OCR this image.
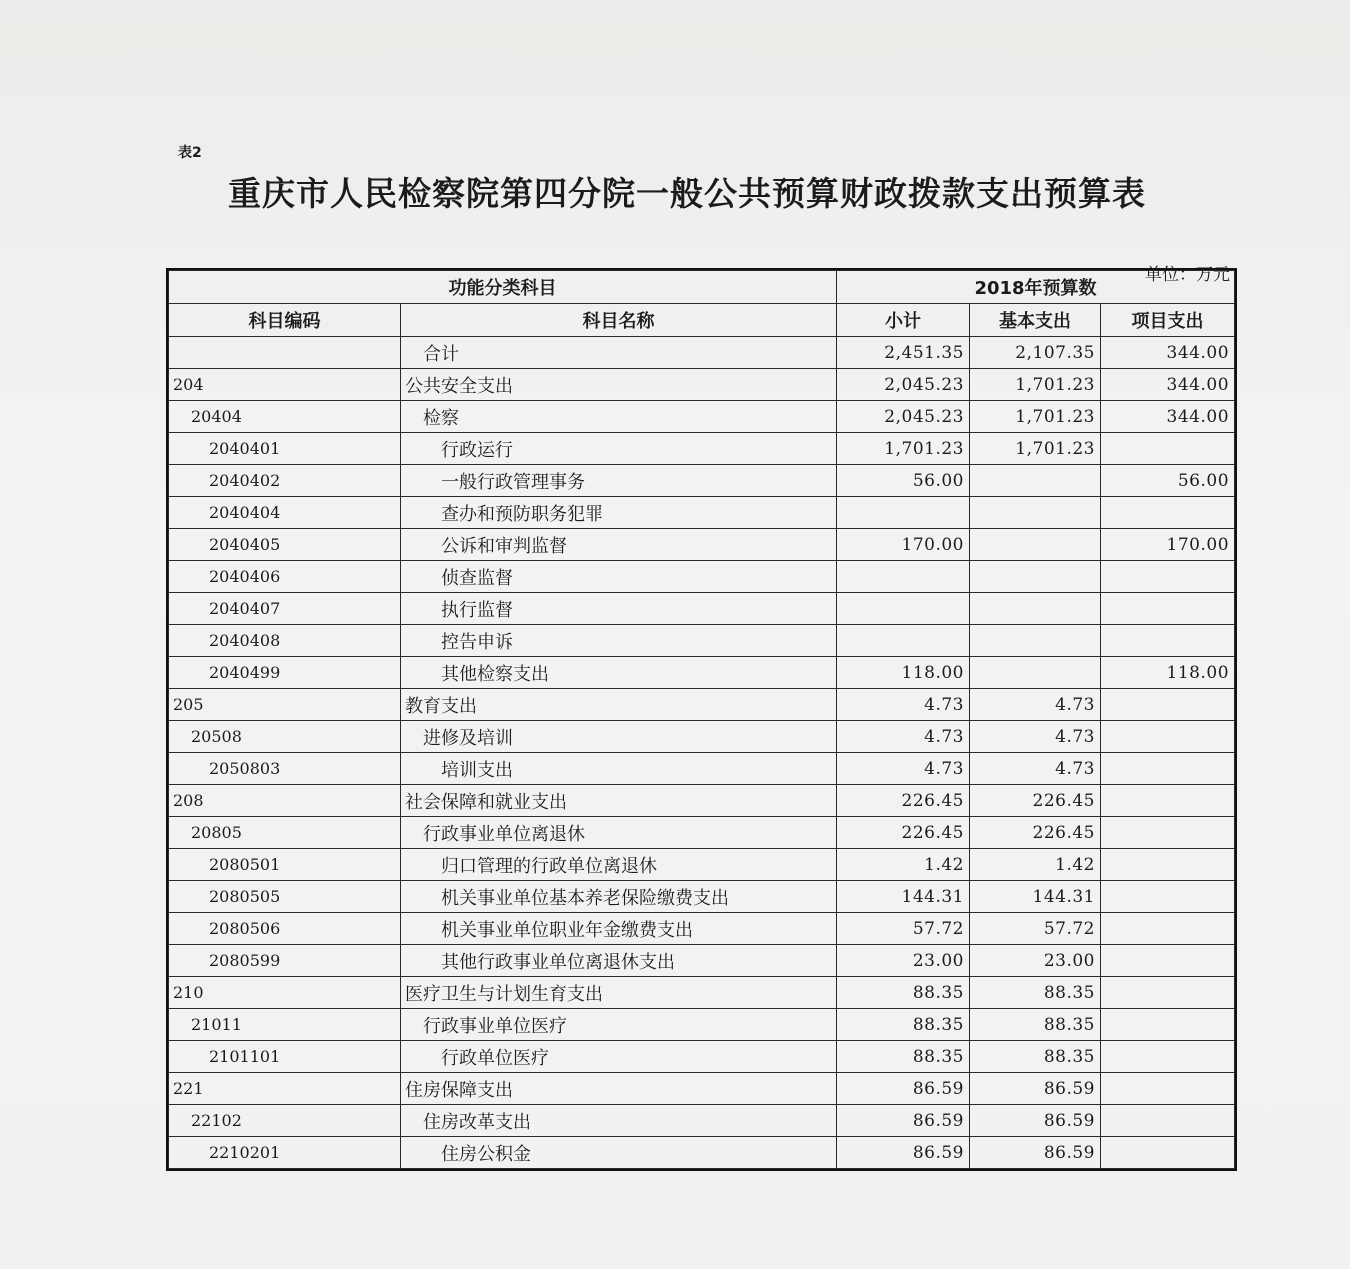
表2
重庆市人民检察院第四分院一般公共预算财政拨款支出预算表
单位：万元
功能分类科目		2018年预算数		
科目编码	科目名称	小计	基本支出	项目支出
	合计	2,451.35	2,107.35	344.00
204	公共安全支出	2,045.23	1,701.23	344.00
20404	检察	2,045.23	1,701.23	344.00
2040401	行政运行	1,701.23	1,701.23	
2040402	一般行政管理事务	56.00		56.00
2040404	查办和预防职务犯罪			
2040405	公诉和审判监督	170.00		170.00
2040406	侦查监督			
2040407	执行监督			
2040408	控告申诉			
2040499	其他检察支出	118.00		118.00
205	教育支出	4.73	4.73	
20508	进修及培训	4.73	4.73	
2050803	培训支出	4.73	4.73	
208	社会保障和就业支出	226.45	226.45	
20805	行政事业单位离退休	226.45	226.45	
2080501	归口管理的行政单位离退休	1.42	1.42	
2080505	机关事业单位基本养老保险缴费支出	144.31	144.31	
2080506	机关事业单位职业年金缴费支出	57.72	57.72	
2080599	其他行政事业单位离退休支出	23.00	23.00	
210	医疗卫生与计划生育支出	88.35	88.35	
21011	行政事业单位医疗	88.35	88.35	
2101101	行政单位医疗	88.35	88.35	
221	住房保障支出	86.59	86.59	
22102	住房改革支出	86.59	86.59	
2210201	住房公积金	86.59	86.59	
